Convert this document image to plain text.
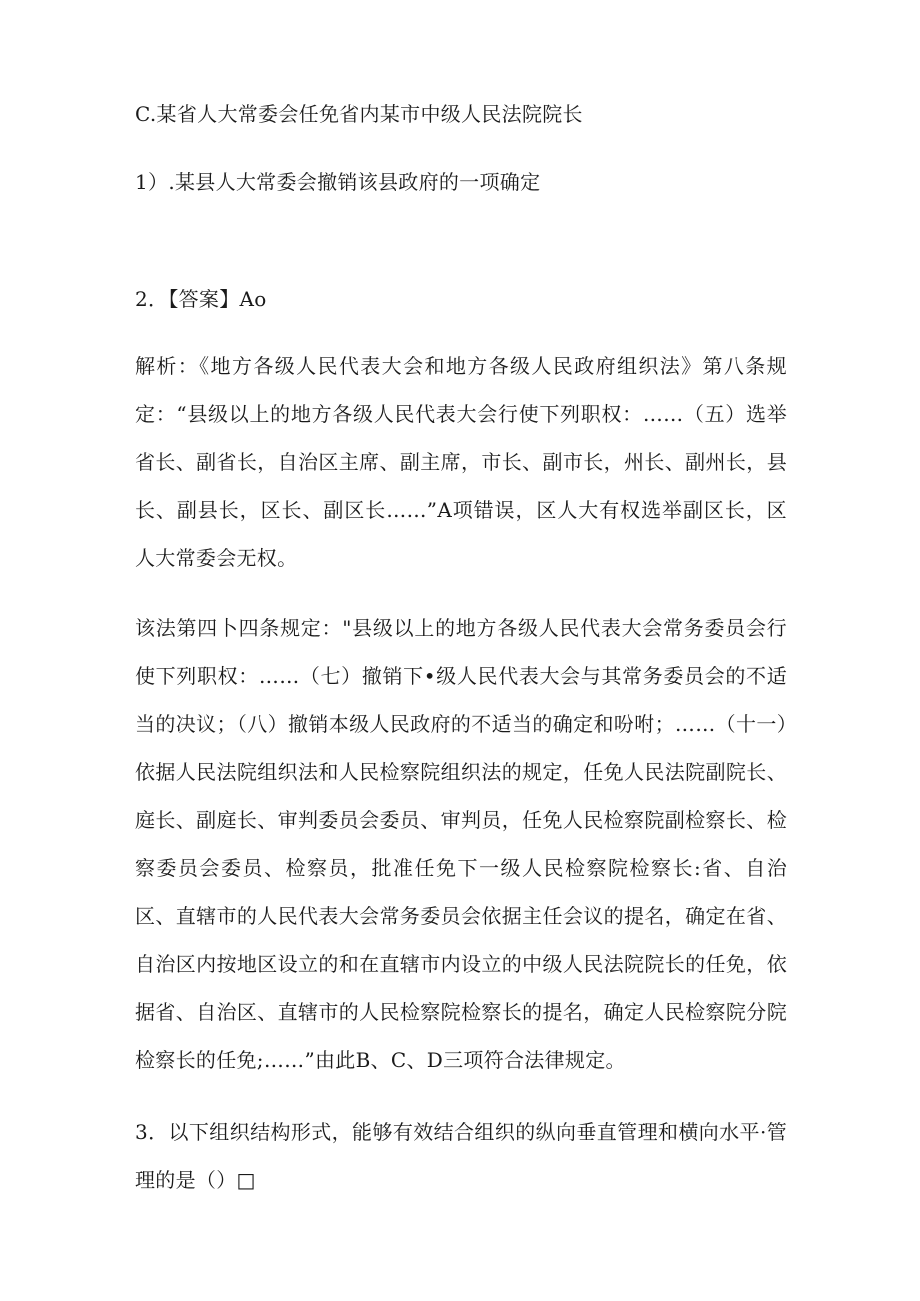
C.某省人大常委会任免省内某市中级人民法院院长
1）.某县人大常委会撤销该县政府的一项确定
2．【答案】Ao

解析：《地方各级人民代表大会和地方各级人民政府组织法》第八条规定：“县级以上的地方各级人民代表大会行使下列职权：……（五）选举省长、副省长，自治区主席、副主席，市长、副市长，州长、副州长，县长、副县长，区长、副区长……”A项错误，区人大有权选举副区长，区人大常委会无权。

该法第四卜四条规定："县级以上的地方各级人民代表大会常务委员会行使下列职权：……（七）撤销下•级人民代表大会与其常务委员会的不适当的决议；（八）撤销本级人民政府的不适当的确定和吩咐；……（十一）依据人民法院组织法和人民检察院组织法的规定，任免人民法院副院长、庭长、副庭长、审判委员会委员、审判员，任免人民检察院副检察长、检察委员会委员、检察员，批准任免下一级人民检察院检察长:省、自治区、直辖市的人民代表大会常务委员会依据主任会议的提名，确定在省、自治区内按地区设立的和在直辖市内设立的中级人民法院院长的任免，依据省、自治区、直辖市的人民检察院检察长的提名，确定人民检察院分院检察长的任免;……”由此B、C、D三项符合法律规定。

3．以下组织结构形式，能够有效结合组织的纵向垂直管理和横向水平·管理的是（）□
